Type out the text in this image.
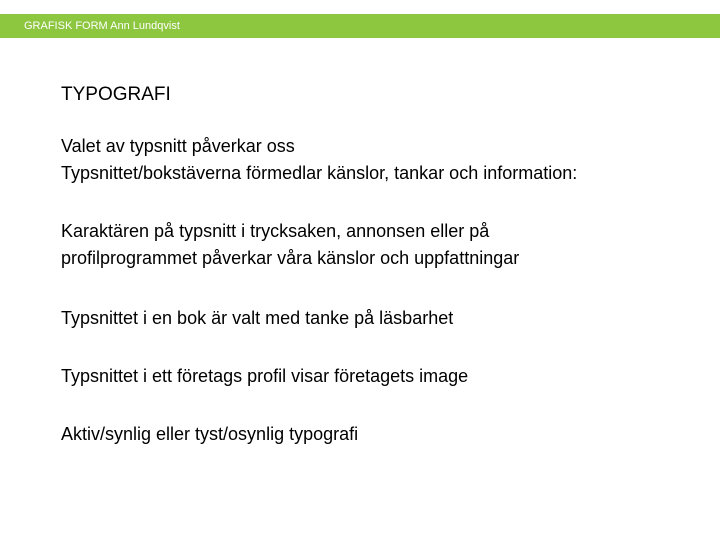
GRAFISK FORM Ann Lundqvist
TYPOGRAFI

Valet av typsnitt påverkar oss
Typsnittet/bokstäverna förmedlar känslor, tankar och information:

Karaktären på typsnitt i trycksaken, annonsen eller på
profilprogrammet påverkar våra känslor och uppfattningar

Typsnittet i en bok är valt med tanke på läsbarhet

Typsnittet i ett företags profil visar företagets image

Aktiv/synlig eller tyst/osynlig typografi
